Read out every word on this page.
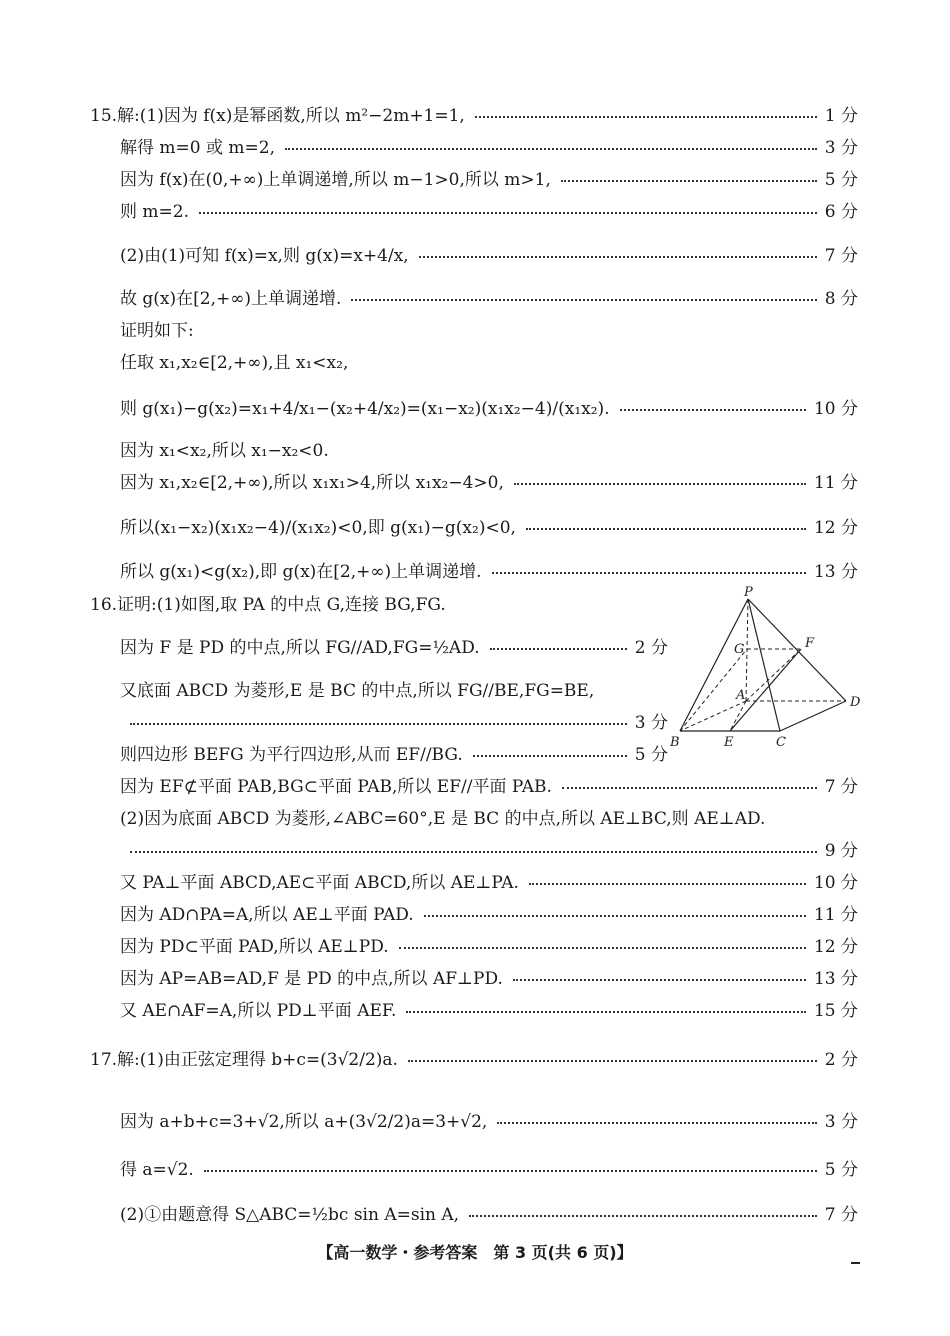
15.解:(1)因为 f(x)是幂函数,所以 m²−2m+1=1,	1 分
解得 m=0 或 m=2,	3 分
因为 f(x)在(0,+∞)上单调递增,所以 m−1>0,所以 m>1,	5 分
则 m=2.	6 分
(2)由(1)可知 f(x)=x,则 g(x)=x+4/x,	7 分
故 g(x)在[2,+∞)上单调递增.	8 分
证明如下:
任取 x₁,x₂∈[2,+∞),且 x₁<x₂,
则 g(x₁)−g(x₂)=x₁+4/x₁−(x₂+4/x₂)=(x₁−x₂)(x₁x₂−4)/(x₁x₂).	10 分
因为 x₁<x₂,所以 x₁−x₂<0.
因为 x₁,x₂∈[2,+∞),所以 x₁x₁>4,所以 x₁x₂−4>0,	11 分
所以(x₁−x₂)(x₁x₂−4)/(x₁x₂)<0,即 g(x₁)−g(x₂)<0,	12 分
所以 g(x₁)<g(x₂),即 g(x)在[2,+∞)上单调递增.	13 分
16.证明:(1)如图,取 PA 的中点 G,连接 BG,FG.
因为 F 是 PD 的中点,所以 FG//AD,FG=½AD.	2 分
又底面 ABCD 为菱形,E 是 BC 的中点,所以 FG//BE,FG=BE,
3 分
则四边形 BEFG 为平行四边形,从而 EF//BG.	5 分
因为 EF⊄平面 PAB,BG⊂平面 PAB,所以 EF//平面 PAB.	7 分
(2)因为底面 ABCD 为菱形,∠ABC=60°,E 是 BC 的中点,所以 AE⊥BC,则 AE⊥AD.
9 分
又 PA⊥平面 ABCD,AE⊂平面 ABCD,所以 AE⊥PA.	10 分
因为 AD∩PA=A,所以 AE⊥平面 PAD.	11 分
因为 PD⊂平面 PAD,所以 AE⊥PD.	12 分
因为 AP=AB=AD,F 是 PD 的中点,所以 AF⊥PD.	13 分
又 AE∩AF=A,所以 PD⊥平面 AEF.	15 分
17.解:(1)由正弦定理得 b+c=(3√2/2)a.	2 分
因为 a+b+c=3+√2,所以 a+(3√2/2)a=3+√2,	3 分
得 a=√2.	5 分
(2)①由题意得 S△ABC=½bc sin A=sin A,	7 分
P
G	F
A	D
B	E	C
【高一数学・参考答案　第 3 页(共 6 页)】
